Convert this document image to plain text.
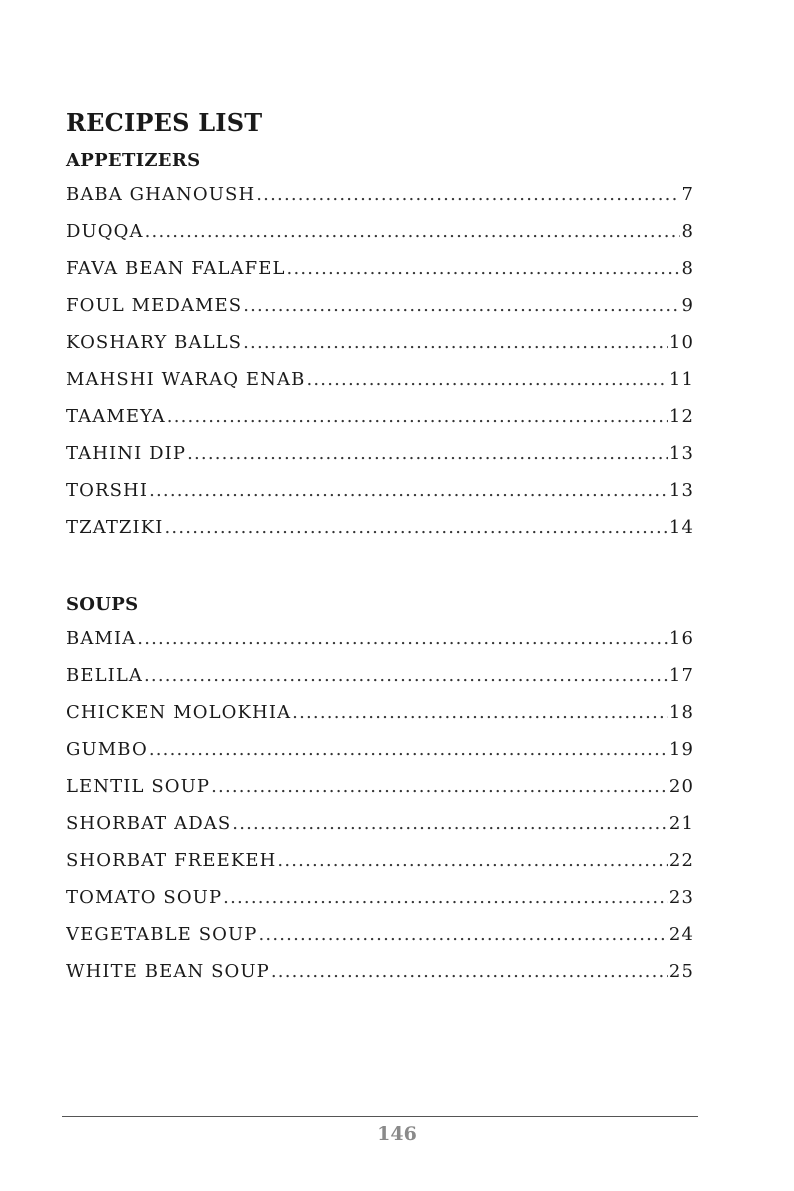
RECIPES LIST
APPETIZERS
BABA GHANOUSH .....	7
DUQQA .....	8
FAVA BEAN FALAFEL .....	8
FOUL MEDAMES .....	9
KOSHARY BALLS .....	10
MAHSHI WARAQ ENAB .....	11
TAAMEYA .....	12
TAHINI DIP .....	13
TORSHI .....	13
TZATZIKI .....	14
SOUPS
BAMIA .....	16
BELILA .....	17
CHICKEN MOLOKHIA .....	18
GUMBO .....	19
LENTIL SOUP .....	20
SHORBAT ADAS .....	21
SHORBAT FREEKEH .....	22
TOMATO SOUP .....	23
VEGETABLE SOUP .....	24
WHITE BEAN SOUP .....	25
146
